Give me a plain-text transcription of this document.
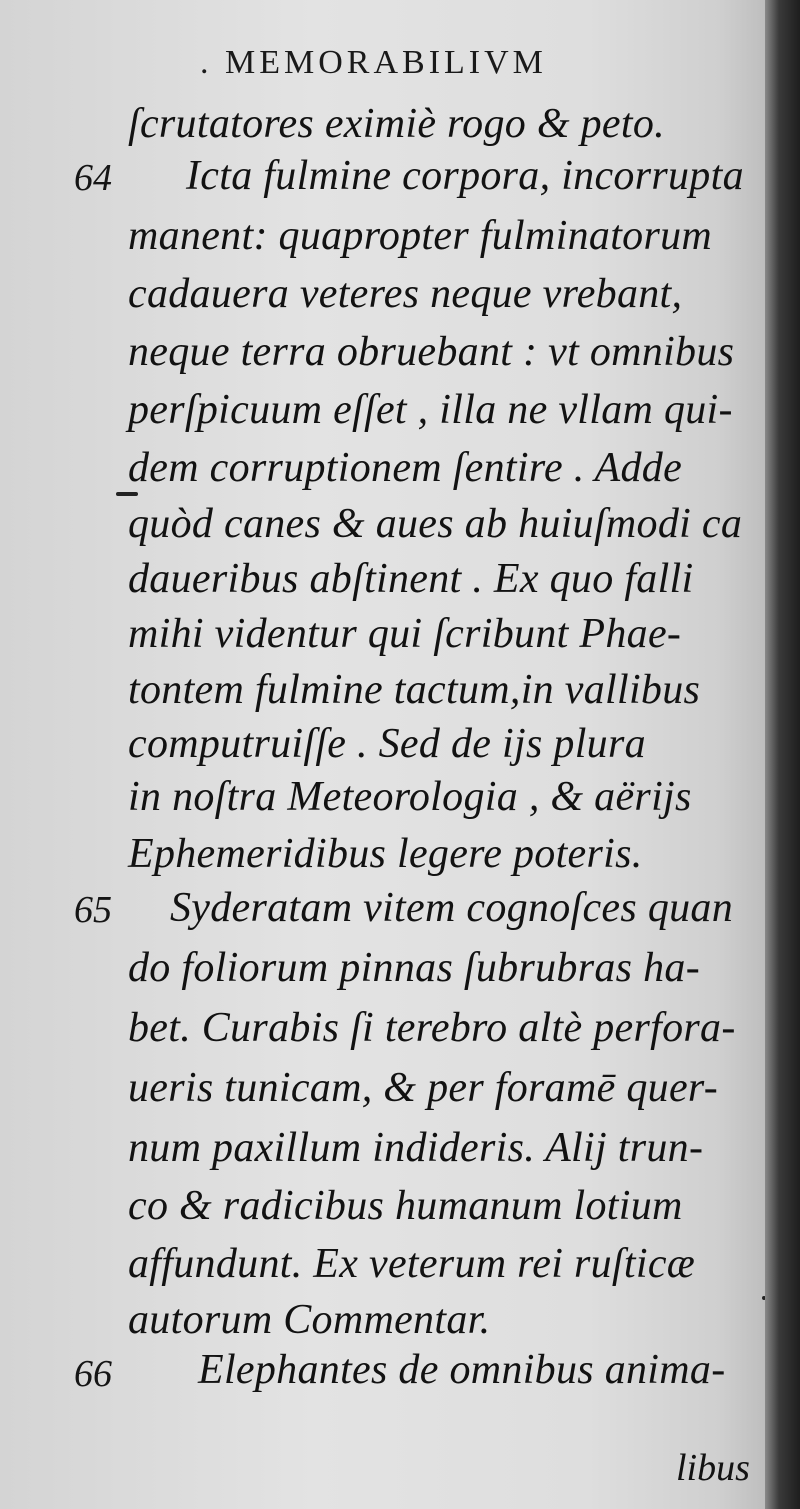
. MEMORABILIVM
ſcrutatores eximiè rogo & peto.
64 Icta fulmine corpora, incorrupta
manent: quapropter fulminatorum
cadauera veteres neque vrebant,
neque terra obruebant : vt omnibus
perſpicuum eſſet , illa ne vllam qui-
dem corruptionem ſentire . Adde
quòd canes & aues ab huiuſmodi ca
daueribus abſtinent . Ex quo falli
mihi videntur qui ſcribunt Phae-
tontem fulmine tactum,in vallibus
computruiſſe . Sed de ijs plura
in noſtra Meteorologia , & aërijs
Ephemeridibus legere poteris.
65 Syderatam vitem cognoſces quan
do foliorum pinnas ſubrubras ha-
bet. Curabis ſi terebro altè perfora-
ueris tunicam, & per foramē quer-
num paxillum indideris. Alij trun-
co & radicibus humanum lotium
affundunt. Ex veterum rei ruſticæ
autorum Commentar.
66 Elephantes de omnibus anima-
libus
